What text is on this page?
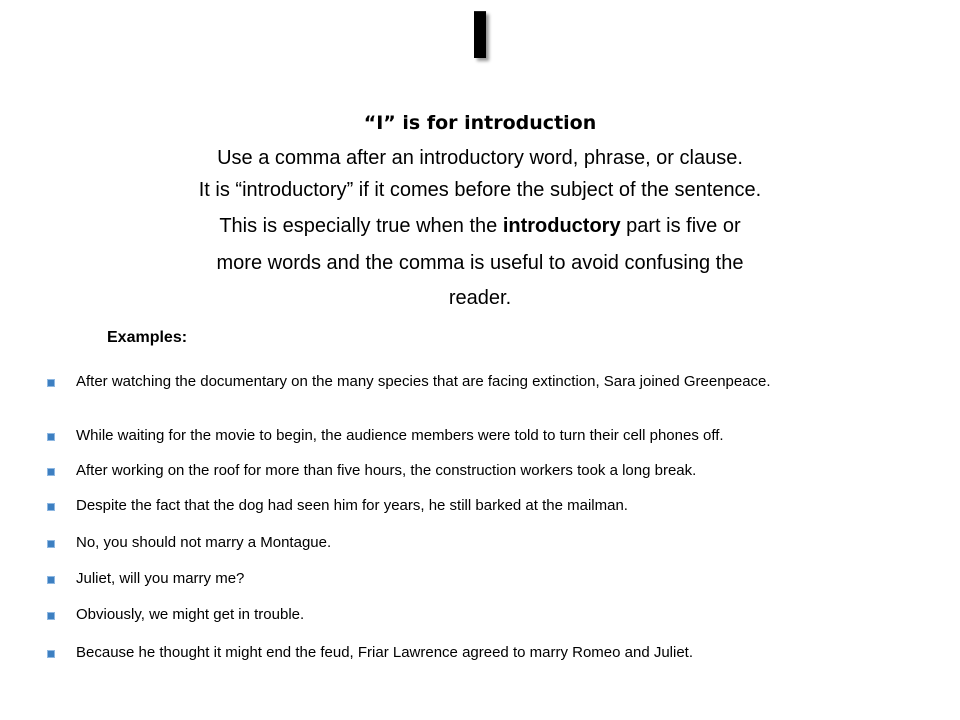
I
“I” is for introduction
Use a comma after an introductory word, phrase, or clause.
It is “introductory” if it comes before the subject of the sentence.
This is especially true when the introductory part is five or
more words and the comma is useful to avoid confusing the
reader.
Examples:
After watching the documentary on the many species that are facing extinction, Sara joined Greenpeace.
While waiting for the movie to begin, the audience members were told to turn their cell phones off.
After working on the roof for more than five hours, the construction workers took a long break.
Despite the fact that the dog had seen him for years, he still barked at the mailman.
No, you should not marry a Montague.
Juliet, will you marry me?
Obviously, we might get in trouble.
Because he thought it might end the feud, Friar Lawrence agreed to marry Romeo and Juliet.
